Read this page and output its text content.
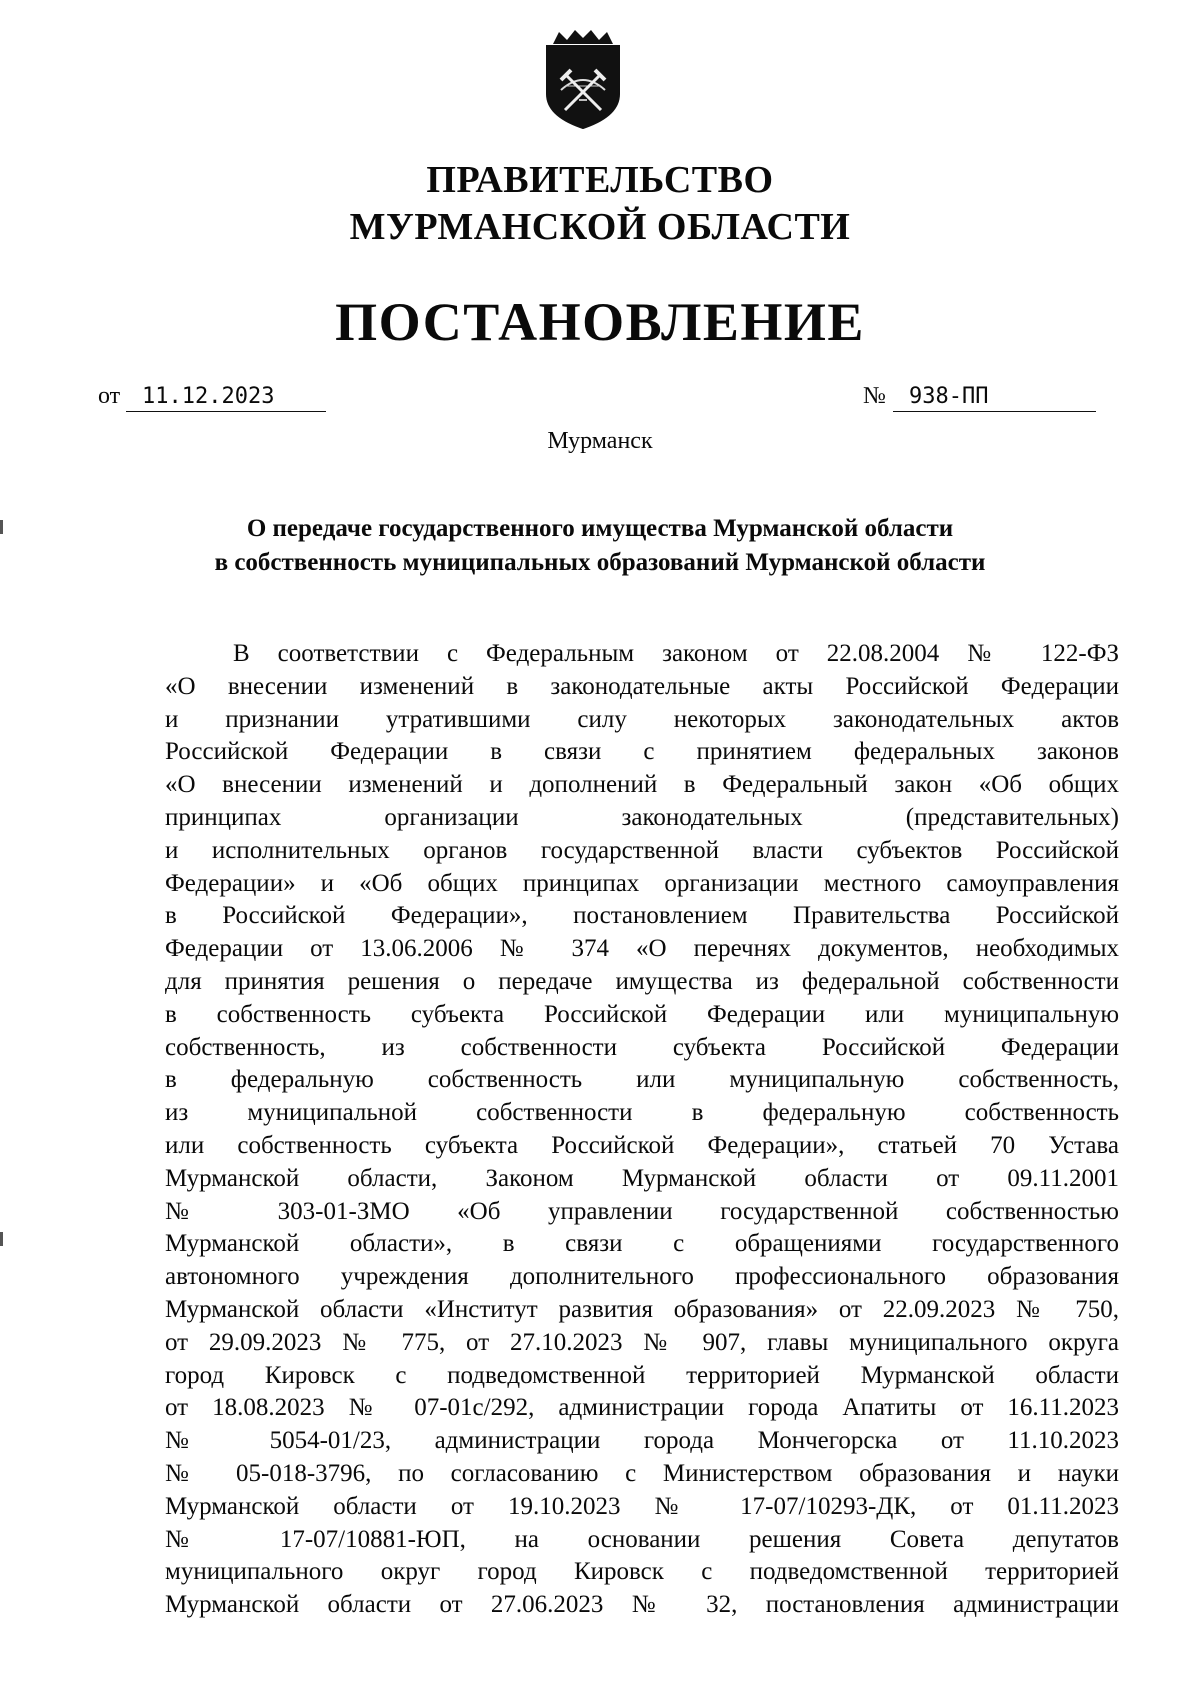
ПРАВИТЕЛЬСТВО
МУРМАНСКОЙ ОБЛАСТИ
ПОСТАНОВЛЕНИЕ
от 11.12.2023	№	938-ПП
Мурманск
О передаче государственного имущества Мурманской области
в собственность муниципальных образований Мурманской области
В соответствии с Федеральным законом от 22.08.2004 № 122-ФЗ
«О внесении изменений в законодательные акты Российской Федерации
и признании утратившими силу некоторых законодательных актов
Российской Федерации в связи с принятием федеральных законов
«О внесении изменений и дополнений в Федеральный закон «Об общих
принципах организации законодательных (представительных)
и исполнительных органов государственной власти субъектов Российской
Федерации» и «Об общих принципах организации местного самоуправления
в Российской Федерации», постановлением Правительства Российской
Федерации от 13.06.2006 № 374 «О перечнях документов, необходимых
для принятия решения о передаче имущества из федеральной собственности
в собственность субъекта Российской Федерации или муниципальную
собственность, из собственности субъекта Российской Федерации
в федеральную собственность или муниципальную собственность,
из муниципальной собственности в федеральную собственность
или собственность субъекта Российской Федерации», статьей 70 Устава
Мурманской области, Законом Мурманской области от 09.11.2001
№ 303-01-ЗМО «Об управлении государственной собственностью
Мурманской области», в связи с обращениями государственного
автономного учреждения дополнительного профессионального образования
Мурманской области «Институт развития образования» от 22.09.2023 № 750,
от 29.09.2023 № 775, от 27.10.2023 № 907, главы муниципального округа
город Кировск с подведомственной территорией Мурманской области
от 18.08.2023 № 07-01с/292, администрации города Апатиты от 16.11.2023
№ 5054-01/23, администрации города Мончегорска от 11.10.2023
№ 05-018-3796, по согласованию с Министерством образования и науки
Мурманской области от 19.10.2023 № 17-07/10293-ДК, от 01.11.2023
№ 17-07/10881-ЮП, на основании решения Совета депутатов
муниципального округ город Кировск с подведомственной территорией
Мурманской области от 27.06.2023 № 32, постановления администрации
